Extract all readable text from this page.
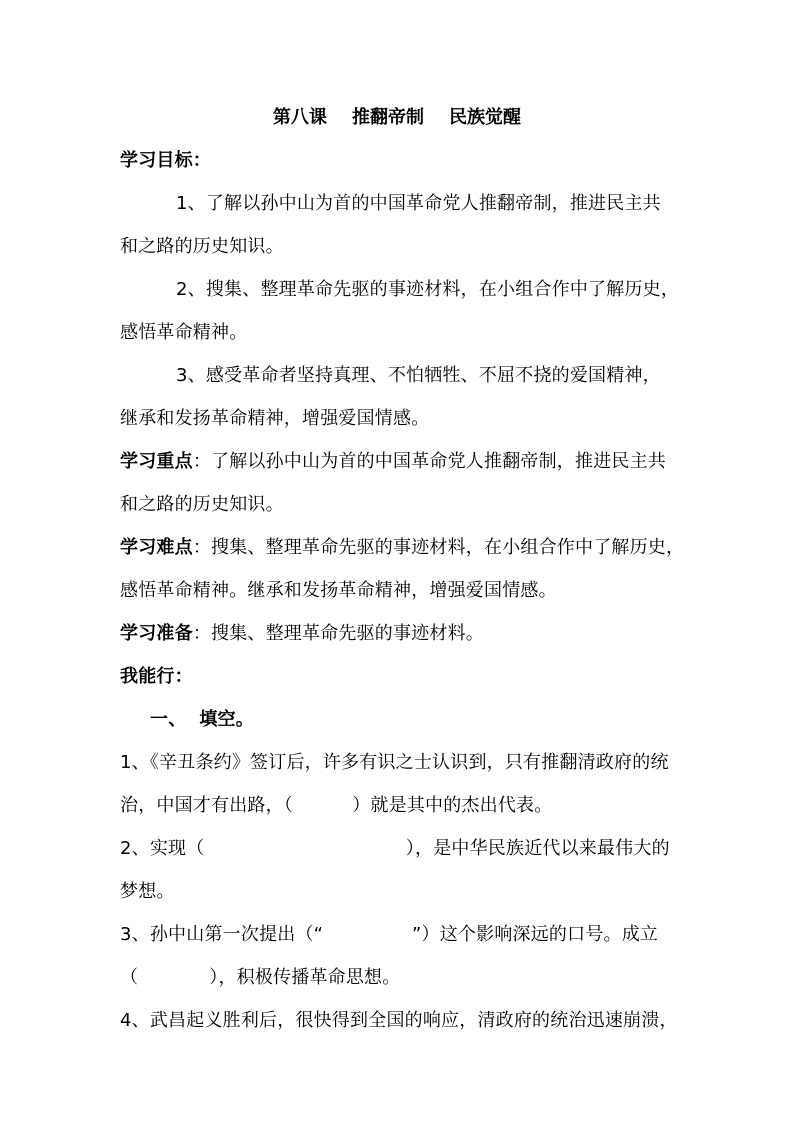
第八课    推翻帝制    民族觉醒
学习目标：
1、了解以孙中山为首的中国革命党人推翻帝制，推进民主共
和之路的历史知识。
2、搜集、整理革命先驱的事迹材料，在小组合作中了解历史，
感悟革命精神。
3、感受革命者坚持真理、不怕牺牲、不屈不挠的爱国精神，
继承和发扬革命精神，增强爱国情感。
学习重点：了解以孙中山为首的中国革命党人推翻帝制，推进民主共
和之路的历史知识。
学习难点：搜集、整理革命先驱的事迹材料，在小组合作中了解历史，
感悟革命精神。继承和发扬革命精神，增强爱国情感。
学习准备：搜集、整理革命先驱的事迹材料。
我能行：
一、  填空。
1、《辛丑条约》签订后，许多有识之士认识到，只有推翻清政府的统
治，中国才有出路，（          ）就是其中的杰出代表。
2、实现（                                  ），是中华民族近代以来最伟大的
梦想。
3、孙中山第一次提出（“               ”）这个影响深远的口号。成立
（            ），积极传播革命思想。
4、武昌起义胜利后，很快得到全国的响应，清政府的统治迅速崩溃，
